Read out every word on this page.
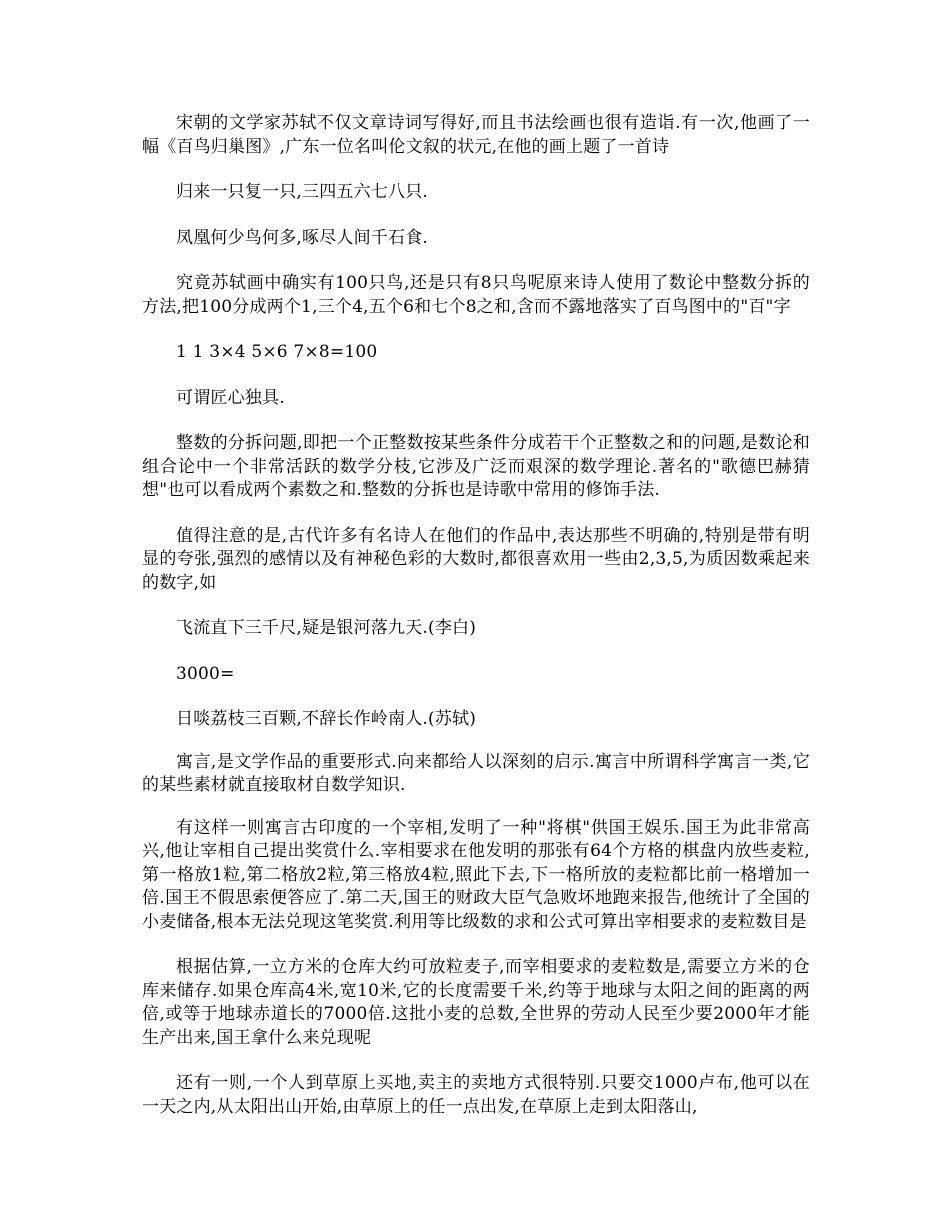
宋朝的文学家苏轼不仅文章诗词写得好,而且书法绘画也很有造诣.有一次,他画了一幅《百鸟归巢图》,广东一位名叫伦文叙的状元,在他的画上题了一首诗

归来一只复一只,三四五六七八只.

凤凰何少鸟何多,啄尽人间千石食.

究竟苏轼画中确实有100只鸟,还是只有8只鸟呢原来诗人使用了数论中整数分拆的方法,把100分成两个1,三个4,五个6和七个8之和,含而不露地落实了百鸟图中的"百"字

1 1 3×4 5×6 7×8=100

可谓匠心独具.

整数的分拆问题,即把一个正整数按某些条件分成若干个正整数之和的问题,是数论和组合论中一个非常活跃的数学分枝,它涉及广泛而艰深的数学理论.著名的"歌德巴赫猜想"也可以看成两个素数之和.整数的分拆也是诗歌中常用的修饰手法.

值得注意的是,古代许多有名诗人在他们的作品中,表达那些不明确的,特别是带有明显的夸张,强烈的感情以及有神秘色彩的大数时,都很喜欢用一些由2,3,5,为质因数乘起来的数字,如

飞流直下三千尺,疑是银河落九天.(李白)

3000=

日啖荔枝三百颗,不辞长作岭南人.(苏轼)

寓言,是文学作品的重要形式.向来都给人以深刻的启示.寓言中所谓科学寓言一类,它的某些素材就直接取材自数学知识.

有这样一则寓言古印度的一个宰相,发明了一种"将棋"供国王娱乐.国王为此非常高兴,他让宰相自己提出奖赏什么.宰相要求在他发明的那张有64个方格的棋盘内放些麦粒,第一格放1粒,第二格放2粒,第三格放4粒,照此下去,下一格所放的麦粒都比前一格增加一倍.国王不假思索便答应了.第二天,国王的财政大臣气急败坏地跑来报告,他统计了全国的小麦储备,根本无法兑现这笔奖赏.利用等比级数的求和公式可算出宰相要求的麦粒数目是

根据估算,一立方米的仓库大约可放粒麦子,而宰相要求的麦粒数是,需要立方米的仓库来储存.如果仓库高4米,宽10米,它的长度需要千米,约等于地球与太阳之间的距离的两倍,或等于地球赤道长的7000倍.这批小麦的总数,全世界的劳动人民至少要2000年才能生产出来,国王拿什么来兑现呢

还有一则,一个人到草原上买地,卖主的卖地方式很特别.只要交1000卢布,他可以在一天之内,从太阳出山开始,由草原上的任一点出发,在草原上走到太阳落山,
